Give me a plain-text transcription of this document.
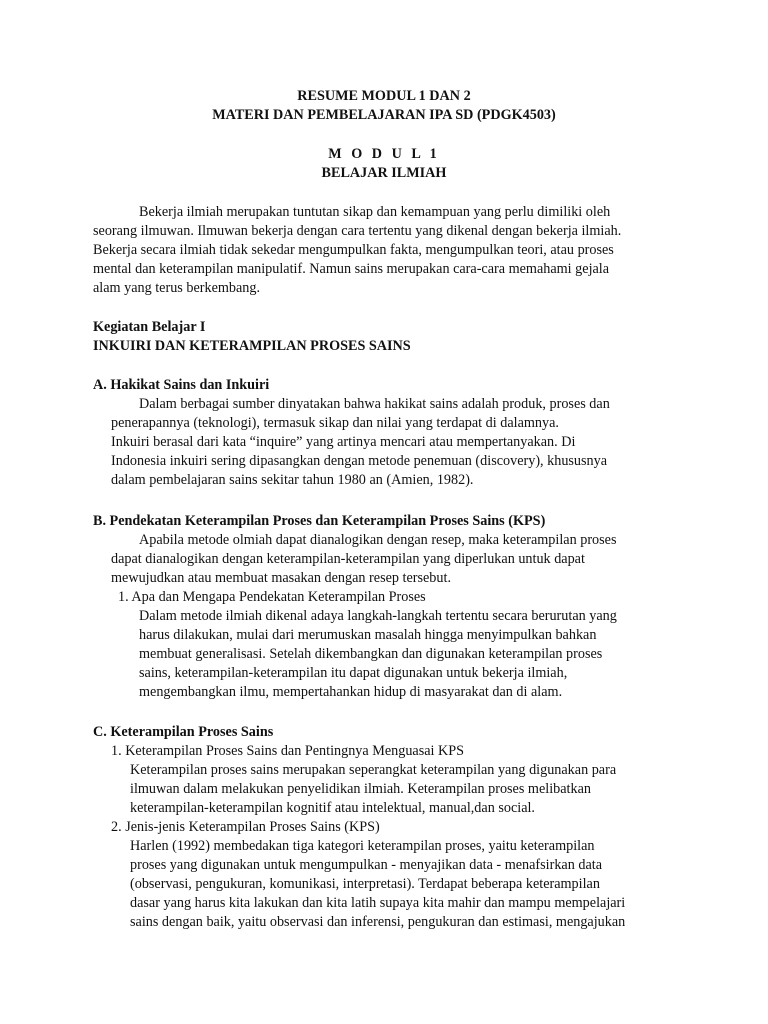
RESUME MODUL 1 DAN 2
MATERI DAN PEMBELAJARAN IPA SD (PDGK4503)
M O D U L 1
BELAJAR ILMIAH
Bekerja ilmiah merupakan tuntutan sikap dan kemampuan yang perlu dimiliki oleh
seorang ilmuwan. Ilmuwan bekerja dengan cara tertentu yang dikenal dengan bekerja ilmiah.
Bekerja secara ilmiah tidak sekedar mengumpulkan fakta, mengumpulkan teori, atau proses
mental dan keterampilan manipulatif. Namun sains merupakan cara-cara memahami gejala
alam yang terus berkembang.
Kegiatan Belajar I
INKUIRI DAN KETERAMPILAN PROSES SAINS
A. Hakikat Sains dan Inkuiri
Dalam berbagai sumber dinyatakan bahwa hakikat sains adalah produk, proses dan
penerapannya (teknologi), termasuk sikap dan nilai yang terdapat di dalamnya.
Inkuiri berasal dari kata “inquire” yang artinya mencari atau mempertanyakan. Di
Indonesia inkuiri sering dipasangkan dengan metode penemuan (discovery), khususnya
dalam pembelajaran sains sekitar tahun 1980 an (Amien, 1982).
B. Pendekatan Keterampilan Proses dan Keterampilan Proses Sains (KPS)
Apabila metode olmiah dapat dianalogikan dengan resep, maka keterampilan proses
dapat dianalogikan dengan keterampilan-keterampilan yang diperlukan untuk dapat
mewujudkan atau membuat masakan dengan resep tersebut.
1. Apa dan Mengapa Pendekatan Keterampilan Proses
Dalam metode ilmiah dikenal adaya langkah-langkah tertentu secara berurutan yang
harus dilakukan, mulai dari merumuskan masalah hingga menyimpulkan bahkan
membuat generalisasi. Setelah dikembangkan dan digunakan keterampilan proses
sains, keterampilan-keterampilan itu dapat digunakan untuk bekerja ilmiah,
mengembangkan ilmu, mempertahankan hidup di masyarakat dan di alam.
C. Keterampilan Proses Sains
1. Keterampilan Proses Sains dan Pentingnya Menguasai KPS
Keterampilan proses sains merupakan seperangkat keterampilan yang digunakan para
ilmuwan dalam melakukan penyelidikan ilmiah. Keterampilan proses melibatkan
keterampilan-keterampilan kognitif atau intelektual, manual,dan social.
2. Jenis-jenis Keterampilan Proses Sains (KPS)
Harlen (1992) membedakan tiga kategori keterampilan proses, yaitu keterampilan
proses yang digunakan untuk mengumpulkan - menyajikan data - menafsirkan data
(observasi, pengukuran, komunikasi, interpretasi). Terdapat beberapa keterampilan
dasar yang harus kita lakukan dan kita latih supaya kita mahir dan mampu mempelajari
sains dengan baik, yaitu observasi dan inferensi, pengukuran dan estimasi, mengajukan
